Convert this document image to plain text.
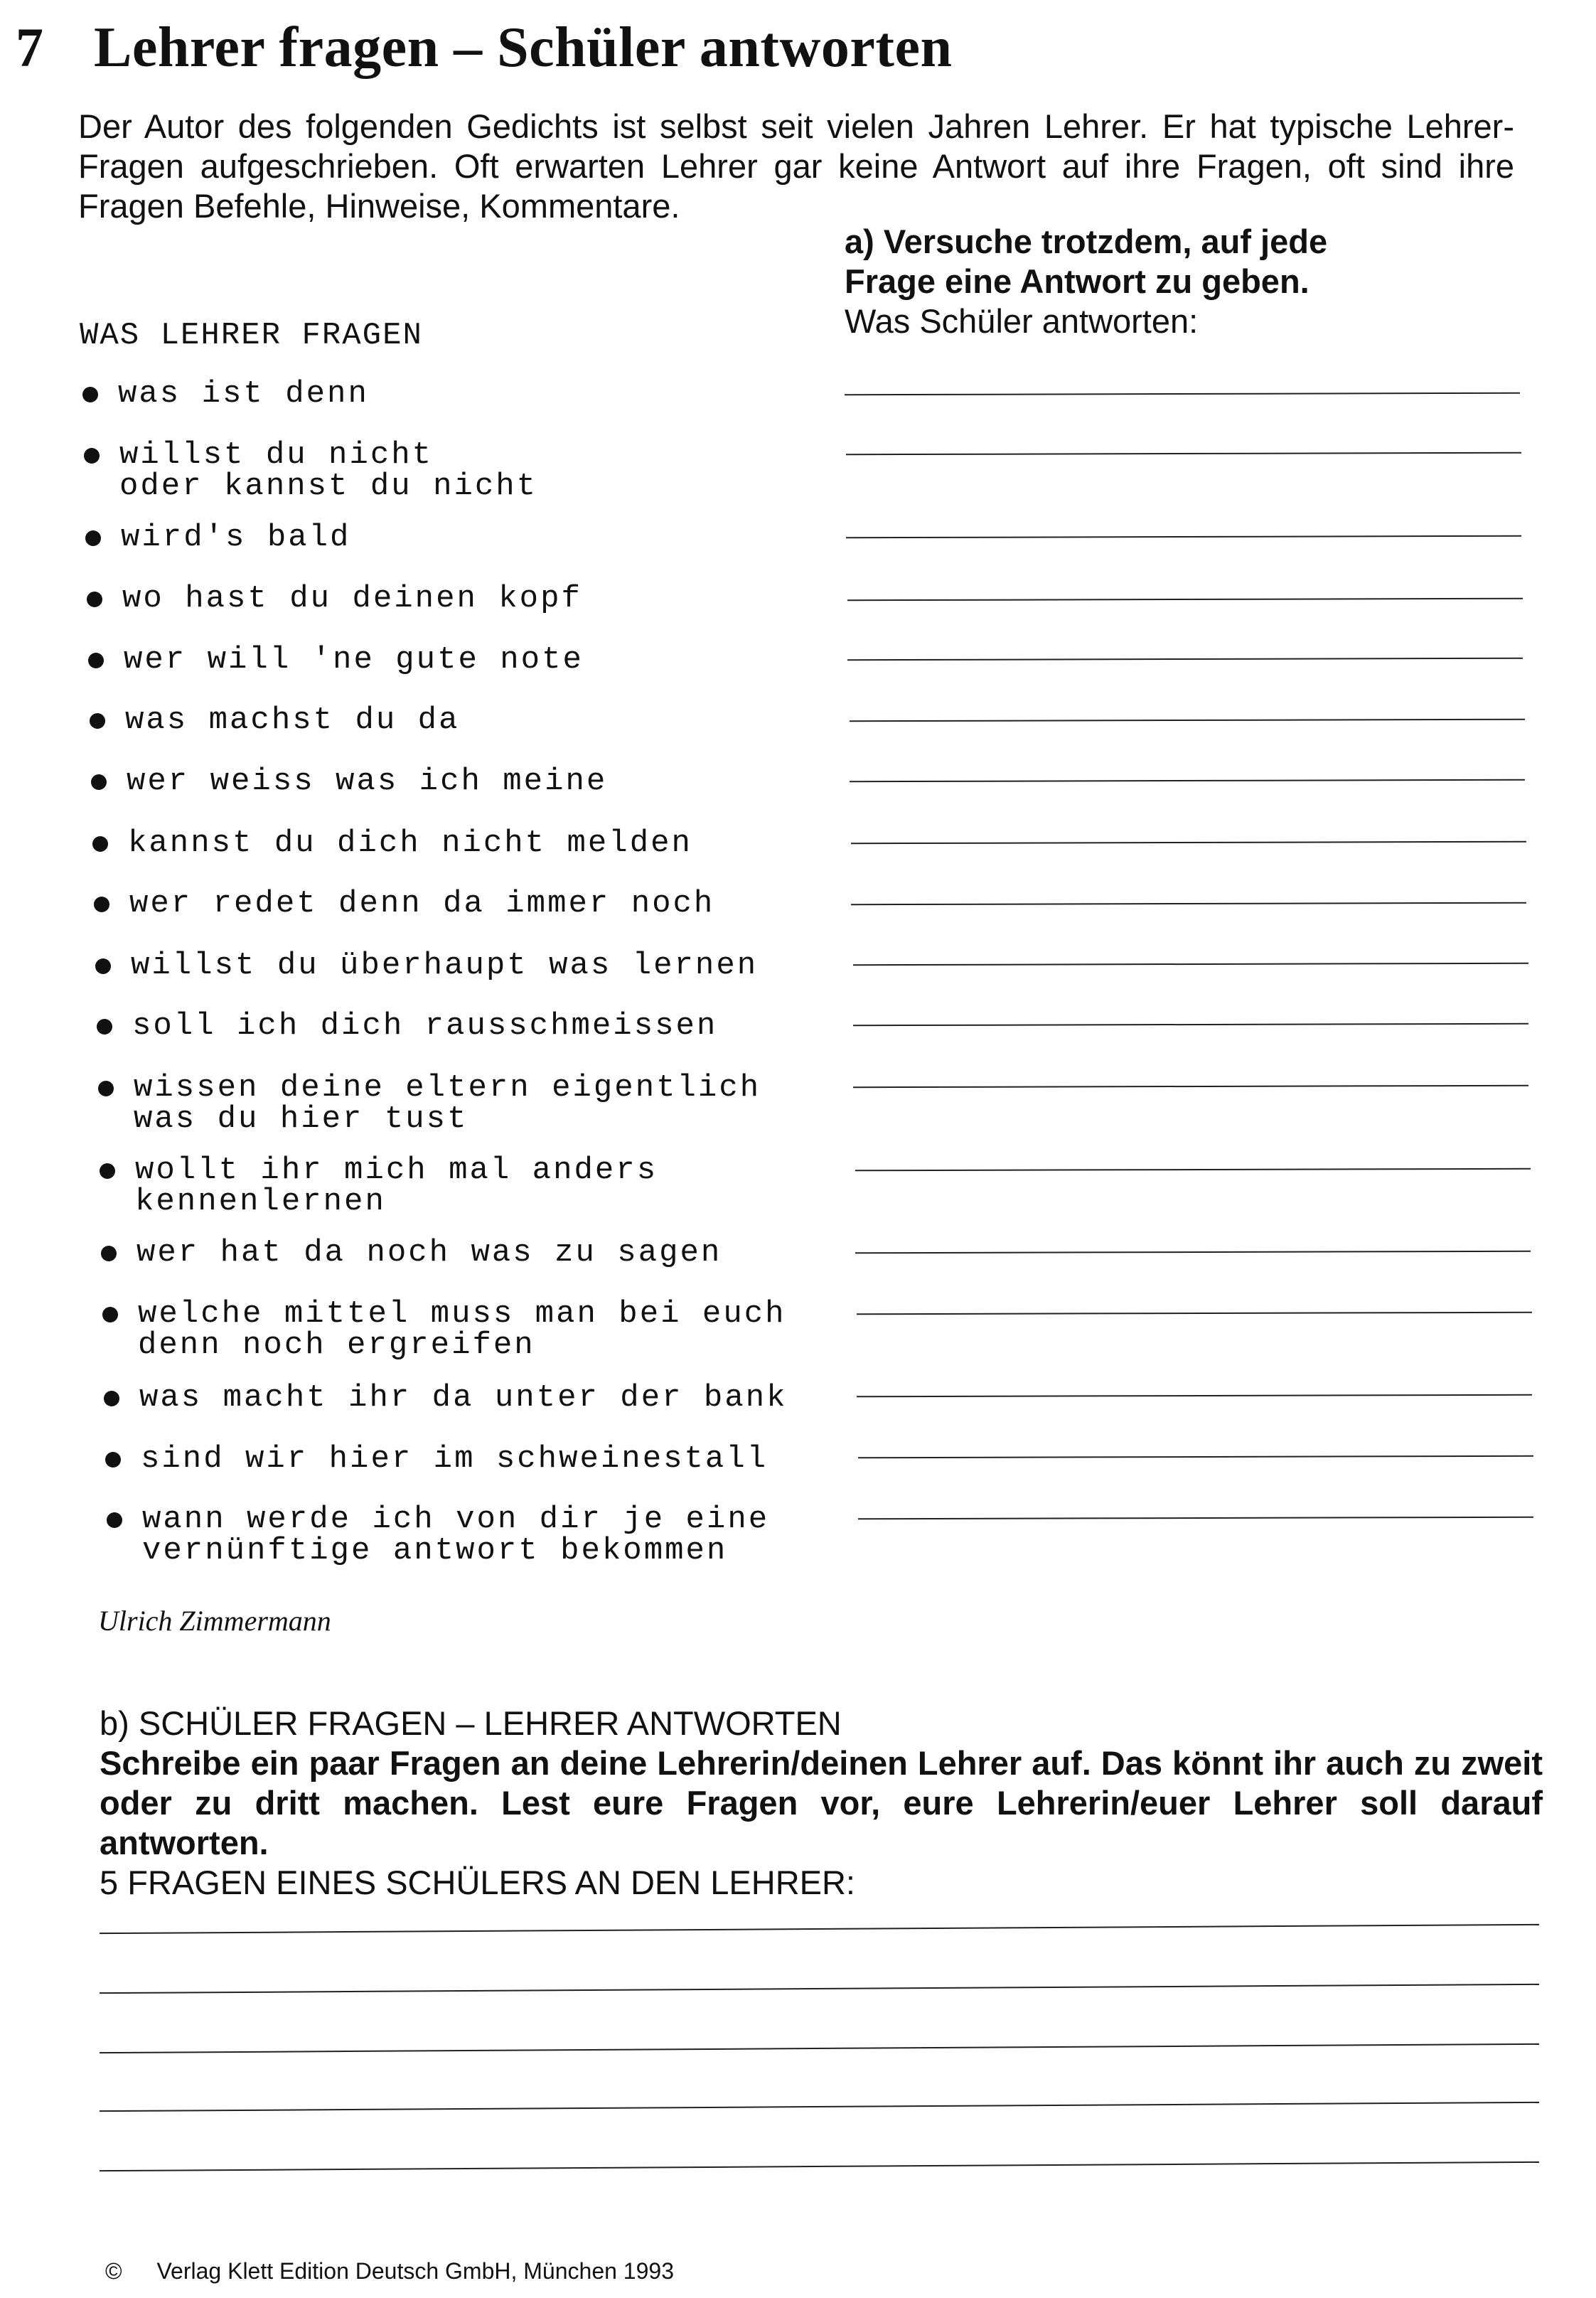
7 Lehrer fragen – Schüler antworten
Der Autor des folgenden Gedichts ist selbst seit vielen Jahren Lehrer. Er hat typische Lehrer-Fragen aufgeschrieben. Oft erwarten Lehrer gar keine Antwort auf ihre Fragen, oft sind ihre Fragen Befehle, Hinweise, Kommentare.
a) Versuche trotzdem, auf jede
Frage eine Antwort zu geben.
Was Schüler antworten:
WAS LEHRER FRAGEN
was ist denn
willst du nicht
oder kannst du nicht
wird's bald
wo hast du deinen kopf
wer will 'ne gute note
was machst du da
wer weiss was ich meine
kannst du dich nicht melden
wer redet denn da immer noch
willst du überhaupt was lernen
soll ich dich rausschmeissen
wissen deine eltern eigentlich
was du hier tust
wollt ihr mich mal anders
kennenlernen
wer hat da noch was zu sagen
welche mittel muss man bei euch
denn noch ergreifen
was macht ihr da unter der bank
sind wir hier im schweinestall
wann werde ich von dir je eine
vernünftige antwort bekommen
Ulrich Zimmermann
b) SCHÜLER FRAGEN – LEHRER ANTWORTEN
Schreibe ein paar Fragen an deine Lehrerin/deinen Lehrer auf. Das könnt ihr auch zu zweit oder zu dritt machen. Lest eure Fragen vor, eure Lehrerin/euer Lehrer soll darauf antworten.
5 FRAGEN EINES SCHÜLERS AN DEN LEHRER:
© Verlag Klett Edition Deutsch GmbH, München 1993
